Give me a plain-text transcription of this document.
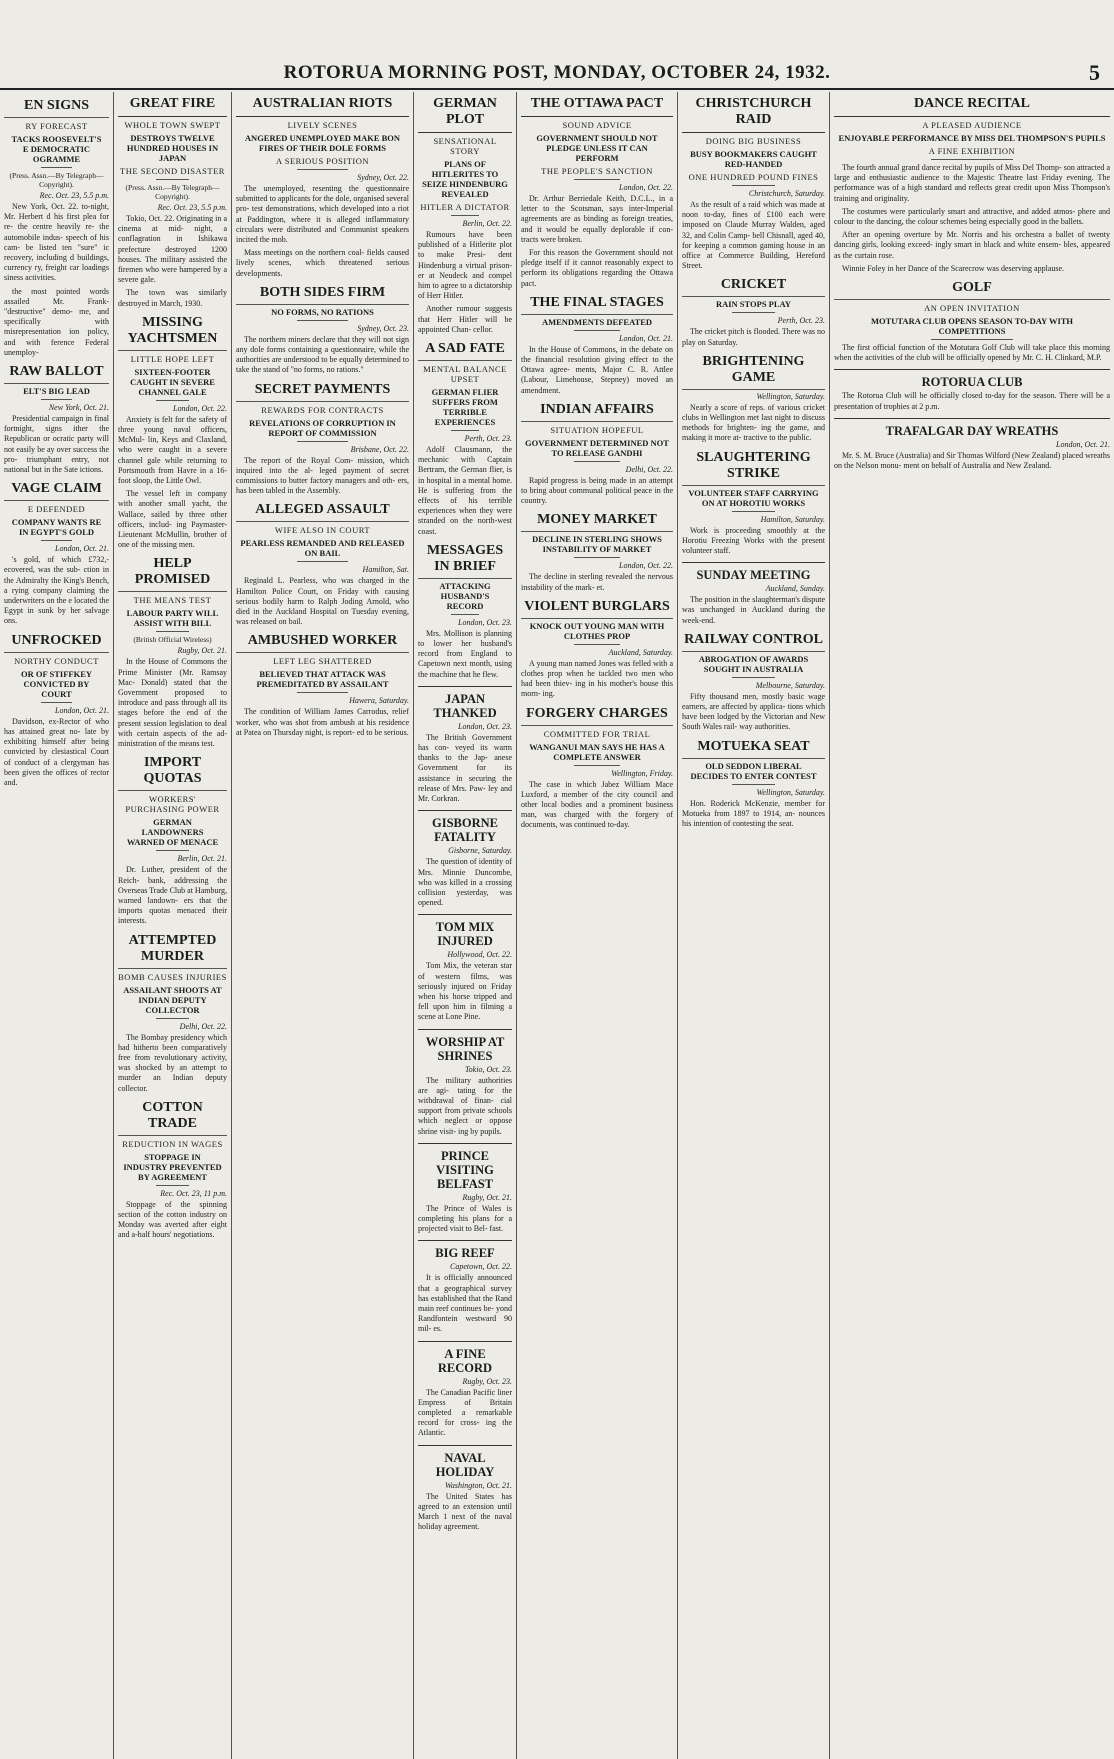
ROTORUA MORNING POST, MONDAY, OCTOBER 24, 1932.	5
EN SIGNS
RY FORECAST
TACKS ROOSEVELT'S E DEMOCRATIC OGRAMME
(Press. Assn.—By Telegraph—Copyright).
Rec. Oct. 23, 5.5 p.m.

New York, Oct. 22. to-night, Mr. Herbert d his first plea for re- the centre heavily re- the automobile indus- speech of his cam- be listed ten "sure" ic recovery, including d buildings, currency ry, freight car loadings siness activities.

the most pointed words assailed Mr. Frank- "destructive" demo- me, and specifically with misrepresentation ion policy, and with ference Federal unemploy-

RAW BALLOT
ELT'S BIG LEAD
New York, Oct. 21.

Presidential campaign in final fortnight, signs ither the Republican or ocratic party will not easily be ay over success the pro- triumphant entry, not national but in the Sate ictions.

VAGE CLAIM
E DEFENDED
COMPANY WANTS RE IN EGYPT'S GOLD
London, Oct. 21.

's gold, of which £732,- ecovered, was the sub- ction in the Admiralty the King's Bench, a rying company claiming the underwriters on the e located the Egypt in sunk by her salvage ons.

UNFROCKED
NORTHY CONDUCT
OR OF STIFFKEY CONVICTED BY COURT
London, Oct. 21.

Davidson, ex-Rector of who has attained great no- late by exhibiting himself after being convicted by clesiastical Court of conduct of a clergyman has been given the offices of rector and.

GREAT FIRE
WHOLE TOWN SWEPT
DESTROYS TWELVE HUNDRED HOUSES IN JAPAN
THE SECOND DISASTER
(Press. Assn.—By Telegraph—Copyright).
Rec. Oct. 23, 5.5 p.m.

Tokio, Oct. 22. Originating in a cinema at mid- night, a conflagration in Ishikawa prefecture destroyed 1200 houses. The military assisted the firemen who were hampered by a severe gale.

The town was similarly destroyed in March, 1930.

MISSING YACHTSMEN
LITTLE HOPE LEFT
SIXTEEN-FOOTER CAUGHT IN SEVERE CHANNEL GALE
London, Oct. 22.

Anxiety is felt for the safety of three young naval officers, McMul- lin, Keys and Claxland, who were caught in a severe channel gale while returning to Portsmouth from Havre in a 16-foot sloop, the Little Owl.

The vessel left in company with another small yacht, the Wallace, sailed by three other officers, includ- ing Paymaster-Lieutenant McMullin, brother of one of the missing men.

HELP PROMISED
THE MEANS TEST
LABOUR PARTY WILL ASSIST WITH BILL
(British Official Wireless)
Rugby, Oct. 21.

In the House of Commons the Prime Minister (Mr. Ramsay Mac- Donald) stated that the Government proposed to introduce and pass through all its stages before the end of the present session legislation to deal with certain aspects of the ad- ministration of the means test.

IMPORT QUOTAS
WORKERS' PURCHASING POWER
GERMAN LANDOWNERS WARNED OF MENACE
Berlin, Oct. 21.

Dr. Luther, president of the Reich- bank, addressing the Overseas Trade Club at Hamburg, warned landown- ers that the imports quotas menaced their interests.

ATTEMPTED MURDER
BOMB CAUSES INJURIES
ASSAILANT SHOOTS AT INDIAN DEPUTY COLLECTOR
Delhi, Oct. 22.

The Bombay presidency which had hitherto been comparatively free from revolutionary activity, was shocked by an attempt to murder an Indian deputy collector.

COTTON TRADE
REDUCTION IN WAGES
STOPPAGE IN INDUSTRY PREVENTED BY AGREEMENT
Rec. Oct. 23, 11 p.m.

Stoppage of the spinning section of the cotton industry on Monday was averted after eight and a-half hours' negotiations.

AUSTRALIAN RIOTS
LIVELY SCENES
ANGERED UNEMPLOYED MAKE BON FIRES OF THEIR DOLE FORMS
A SERIOUS POSITION
Sydney, Oct. 22.

The unemployed, resenting the questionnaire submitted to applicants for the dole, organised several pro- test demonstrations, which developed into a riot at Paddington, where it is alleged inflammatory circulars were distributed and Communist speakers incited the mob.

Mass meetings on the northern coal- fields caused lively scenes, which threatened serious developments.

BOTH SIDES FIRM
NO FORMS, NO RATIONS
Sydney, Oct. 23.

The northern miners declare that they will not sign any dole forms containing a questionnaire, while the authorities are understood to be equally determined to take the stand of "no forms, no rations."

SECRET PAYMENTS
REWARDS FOR CONTRACTS
REVELATIONS OF CORRUPTION IN REPORT OF COMMISSION
Brisbane, Oct. 22.

The report of the Royal Com- mission, which inquired into the al- leged payment of secret commissions to butter factory managers and oth- ers, has been tabled in the Assembly.

ALLEGED ASSAULT
WIFE ALSO IN COURT
PEARLESS REMANDED AND RELEASED ON BAIL
Hamilton, Sat.

Reginald L. Pearless, who was charged in the Hamilton Police Court, on Friday with causing serious bodily harm to Ralph Joding Arnold, who died in the Auckland Hospital on Tuesday evening, was released on bail.

AMBUSHED WORKER
LEFT LEG SHATTERED
BELIEVED THAT ATTACK WAS PREMEDITATED BY ASSAILANT
Hawera, Saturday.

The condition of William James Carrodus, relief worker, who was shot from ambush at his residence at Patea on Thursday night, is report- ed to be serious.

GERMAN PLOT
SENSATIONAL STORY
PLANS OF HITLERITES TO SEIZE HINDENBURG REVEALED
HITLER A DICTATOR
Berlin, Oct. 22.

Rumours have been published of a Hitlerite plot to make Presi- dent Hindenburg a virtual prison- er at Neudeck and compel him to agree to a dictatorship of Herr Hitler.

Another rumour suggests that Herr Hitler will be appointed Chan- cellor.

A SAD FATE
MENTAL BALANCE UPSET
GERMAN FLIER SUFFERS FROM TERRIBLE EXPERIENCES
Perth, Oct. 23.

Adolf Clausmann, the mechanic with Captain Bertram, the German flier, is in hospital in a mental home. He is suffering from the effects of his terrible experiences when they were stranded on the north-west coast.

MESSAGES IN BRIEF
ATTACKING HUSBAND'S RECORD
London, Oct. 23.

Mrs. Mollison is planning to lower her husband's record from England to Capetown next month, using the machine that he flew.

JAPAN THANKED
London, Oct. 23.

The British Government has con- veyed its warm thanks to the Jap- anese Government for its assistance in securing the release of Mrs. Paw- ley and Mr. Corkran.

GISBORNE FATALITY
Gisborne, Saturday.

The question of identity of Mrs. Minnie Duncombe, who was killed in a crossing collision yesterday, was opened.

TOM MIX INJURED
Hollywood, Oct. 22.

Tom Mix, the veteran star of western films, was seriously injured on Friday when his horse tripped and fell upon him in filming a scene at Lone Pine.

WORSHIP AT SHRINES
Tokio, Oct. 23.

The military authorities are agi- tating for the withdrawal of finan- cial support from private schools which neglect or oppose shrine visit- ing by pupils.

PRINCE VISITING BELFAST
Rugby, Oct. 21.

The Prince of Wales is completing his plans for a projected visit to Bel- fast.

BIG REEF
Capetown, Oct. 22.

It is officially announced that a geographical survey has established that the Rand main reef continues be- yond Randfontein westward 90 mil- es.

A FINE RECORD
Rugby, Oct. 23.

The Canadian Pacific liner Empress of Britain completed a remarkable record for cross- ing the Atlantic.

NAVAL HOLIDAY
Washington, Oct. 21.

The United States has agreed to an extension until March 1 next of the naval holiday agreement.

THE OTTAWA PACT
SOUND ADVICE
GOVERNMENT SHOULD NOT PLEDGE UNLESS IT CAN PERFORM
THE PEOPLE'S SANCTION
London, Oct. 22.

Dr. Arthur Berriedale Keith, D.C.L., in a letter to the Scotsman, says inter-Imperial agreements are as binding as foreign treaties, and it would be equally deplorable if con- tracts were broken.

For this reason the Government should not pledge itself if it cannot reasonably expect to perform its obligations regarding the Ottawa pact.

THE FINAL STAGES
AMENDMENTS DEFEATED
London, Oct. 21.

In the House of Commons, in the debate on the financial resolution giving effect to the Ottawa agree- ments, Major C. R. Attlee (Labour, Limehouse, Stepney) moved an amendment.

INDIAN AFFAIRS
SITUATION HOPEFUL
GOVERNMENT DETERMINED NOT TO RELEASE GANDHI
Delhi, Oct. 22.

Rapid progress is being made in an attempt to bring about communal political peace in the country.

MONEY MARKET
DECLINE IN STERLING SHOWS INSTABILITY OF MARKET
London, Oct. 22.

The decline in sterling revealed the nervous instability of the mark- et.

VIOLENT BURGLARS
KNOCK OUT YOUNG MAN WITH CLOTHES PROP
Auckland, Saturday.

A young man named Jones was felled with a clothes prop when he tackled two men who had been thiev- ing in his mother's house this morn- ing.

FORGERY CHARGES
COMMITTED FOR TRIAL
WANGANUI MAN SAYS HE HAS A COMPLETE ANSWER
Wellington, Friday.

The case in which Jabez William Mace Luxford, a member of the city council and other local bodies and a prominent business man, was charged with the forgery of documents, was continued to-day.

CHRISTCHURCH RAID
DOING BIG BUSINESS
BUSY BOOKMAKERS CAUGHT RED-HANDED
ONE HUNDRED POUND FINES
Christchurch, Saturday.

As the result of a raid which was made at noon to-day, fines of £100 each were imposed on Claude Murray Walden, aged 32, and Colin Camp- bell Chisnall, aged 40, for keeping a common gaming house in an office at Commerce Building, Hereford Street.

CRICKET
RAIN STOPS PLAY
Perth, Oct. 23.

The cricket pitch is flooded. There was no play on Saturday.

BRIGHTENING GAME
Wellington, Saturday.

Nearly a score of reps. of various cricket clubs in Wellington met last night to discuss methods for brighten- ing the game, and making it more at- tractive to the public.

SLAUGHTERING STRIKE
VOLUNTEER STAFF CARRYING ON AT HOROTIU WORKS
Hamilton, Saturday.

Work is proceeding smoothly at the Horotiu Freezing Works with the present volunteer staff.

SUNDAY MEETING
Auckland, Sunday.

The position in the slaughterman's dispute was unchanged in Auckland during the week-end.

RAILWAY CONTROL
ABROGATION OF AWARDS SOUGHT IN AUSTRALIA
Melbourne, Saturday.

Fifty thousand men, mostly basic wage earners, are affected by applica- tions which have been lodged by the Victorian and New South Wales rail- way authorities.

MOTUEKA SEAT
OLD SEDDON LIBERAL DECIDES TO ENTER CONTEST
Wellington, Saturday.

Hon. Roderick McKenzie, member for Motueka from 1897 to 1914, an- nounces his intention of contesting the seat.

DANCE RECITAL
A PLEASED AUDIENCE
ENJOYABLE PERFORMANCE BY MISS DEL THOMPSON'S PUPILS
A FINE EXHIBITION

The fourth annual grand dance recital by pupils of Miss Del Thomp- son attracted a large and enthusiastic audience to the Majestic Theatre last Friday evening. The performance was of a high standard and reflects great credit upon Miss Thompson's training and originality.

The costumes were particularly smart and attractive, and added atmos- phere and colour to the dancing, the colour schemes being especially good in the ballets.

After an opening overture by Mr. Norris and his orchestra a ballet of twenty dancing girls, looking exceed- ingly smart in black and white ensem- bles, appeared as the curtain rose.

Winnie Foley in her Dance of the Scarecrow was deserving applause.

GOLF
AN OPEN INVITATION
MOTUTARA CLUB OPENS SEASON TO-DAY WITH COMPETITIONS

The first official function of the Motutara Golf Club will take place this morning when the activities of the club will be officially opened by Mr. C. H. Clinkard, M.P.

ROTORUA CLUB

The Rotorua Club will be officially closed to-day for the season. There will be a presentation of trophies at 2 p.m.

TRAFALGAR DAY WREATHS
London, Oct. 21.

Mr. S. M. Bruce (Australia) and Sir Thomas Wilford (New Zealand) placed wreaths on the Nelson monu- ment on behalf of Australia and New Zealand.
